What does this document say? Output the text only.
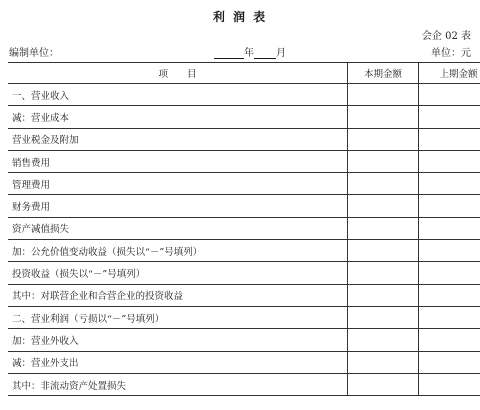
利 润 表
会企 02 表
编制单位：	年 月	单位：元
项　　目	本期金额	上期金额
一、营业收入		
减：营业成本		
营业税金及附加		
销售费用		
管理费用		
财务费用		
资产减值损失		
加：公允价值变动收益（损失以“－”号填列）		
投资收益（损失以“－”号填列）		
其中：对联营企业和合营企业的投资收益		
二、营业利润（亏损以“－”号填列）		
加：营业外收入		
减：营业外支出		
其中：非流动资产处置损失		
